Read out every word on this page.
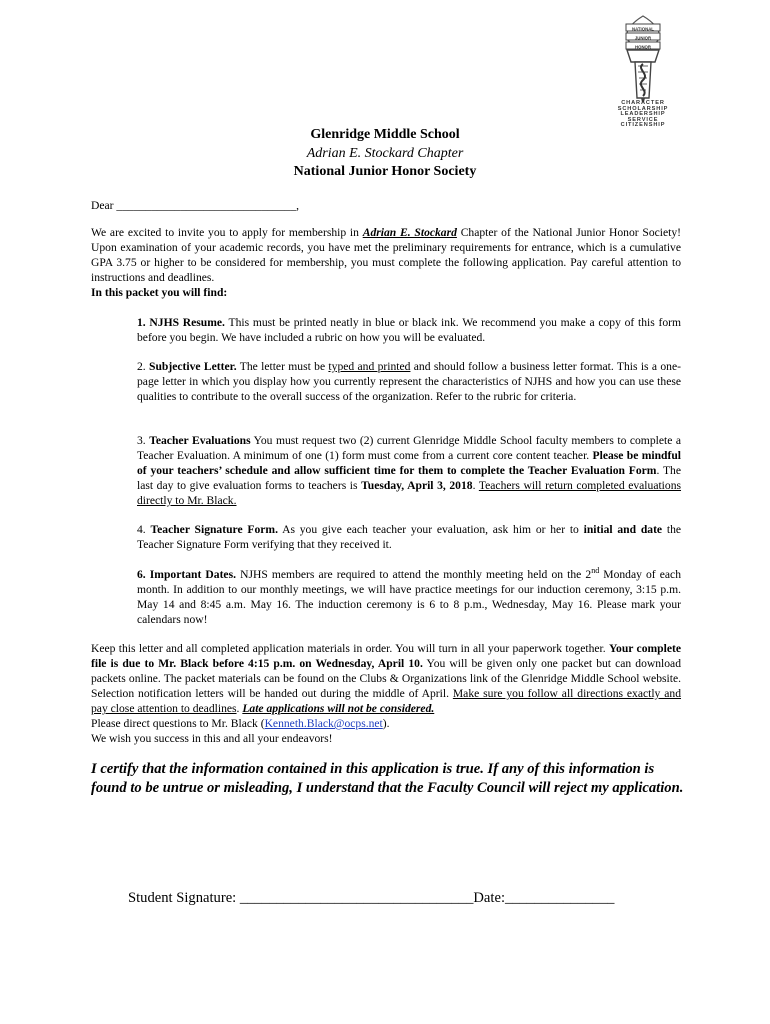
NATIONAL
JUNIOR
HONOR
CHARACTER
SCHOLARSHIP
LEADERSHIP
SERVICE
CITIZENSHIP
Glenridge Middle School
Adrian E. Stockard Chapter
National Junior Honor Society
Dear _______________________________,
We are excited to invite you to apply for membership in Adrian E. Stockard Chapter of the National Junior Honor Society! Upon examination of your academic records, you have met the preliminary requirements for entrance, which is a cumulative GPA 3.75 or higher to be considered for membership, you must complete the following application. Pay careful attention to instructions and deadlines.
In this packet you will find:
1. NJHS Resume. This must be printed neatly in blue or black ink. We recommend you make a copy of this form before you begin. We have included a rubric on how you will be evaluated.
2. Subjective Letter. The letter must be typed and printed and should follow a business letter format. This is a one-page letter in which you display how you currently represent the characteristics of NJHS and how you can use these qualities to contribute to the overall success of the organization. Refer to the rubric for criteria.
3. Teacher Evaluations You must request two (2) current Glenridge Middle School faculty members to complete a Teacher Evaluation. A minimum of one (1) form must come from a current core content teacher. Please be mindful of your teachers’ schedule and allow sufficient time for them to complete the Teacher Evaluation Form. The last day to give evaluation forms to teachers is Tuesday, April 3, 2018. Teachers will return completed evaluations directly to Mr. Black.
4. Teacher Signature Form. As you give each teacher your evaluation, ask him or her to initial and date the Teacher Signature Form verifying that they received it.
6. Important Dates. NJHS members are required to attend the monthly meeting held on the 2nd Monday of each month. In addition to our monthly meetings, we will have practice meetings for our induction ceremony, 3:15 p.m. May 14 and 8:45 a.m. May 16. The induction ceremony is 6 to 8 p.m., Wednesday, May 16. Please mark your calendars now!
Keep this letter and all completed application materials in order. You will turn in all your paperwork together. Your complete file is due to Mr. Black before 4:15 p.m. on Wednesday, April 10. You will be given only one packet but can download packets online. The packet materials can be found on the Clubs & Organizations link of the Glenridge Middle School website. Selection notification letters will be handed out during the middle of April. Make sure you follow all directions exactly and pay close attention to deadlines. Late applications will not be considered.
Please direct questions to Mr. Black (Kenneth.Black@ocps.net).
We wish you success in this and all your endeavors!
I certify that the information contained in this application is true. If any of this information is found to be untrue or misleading, I understand that the Faculty Council will reject my application.
Student Signature: ________________________________Date:_______________
